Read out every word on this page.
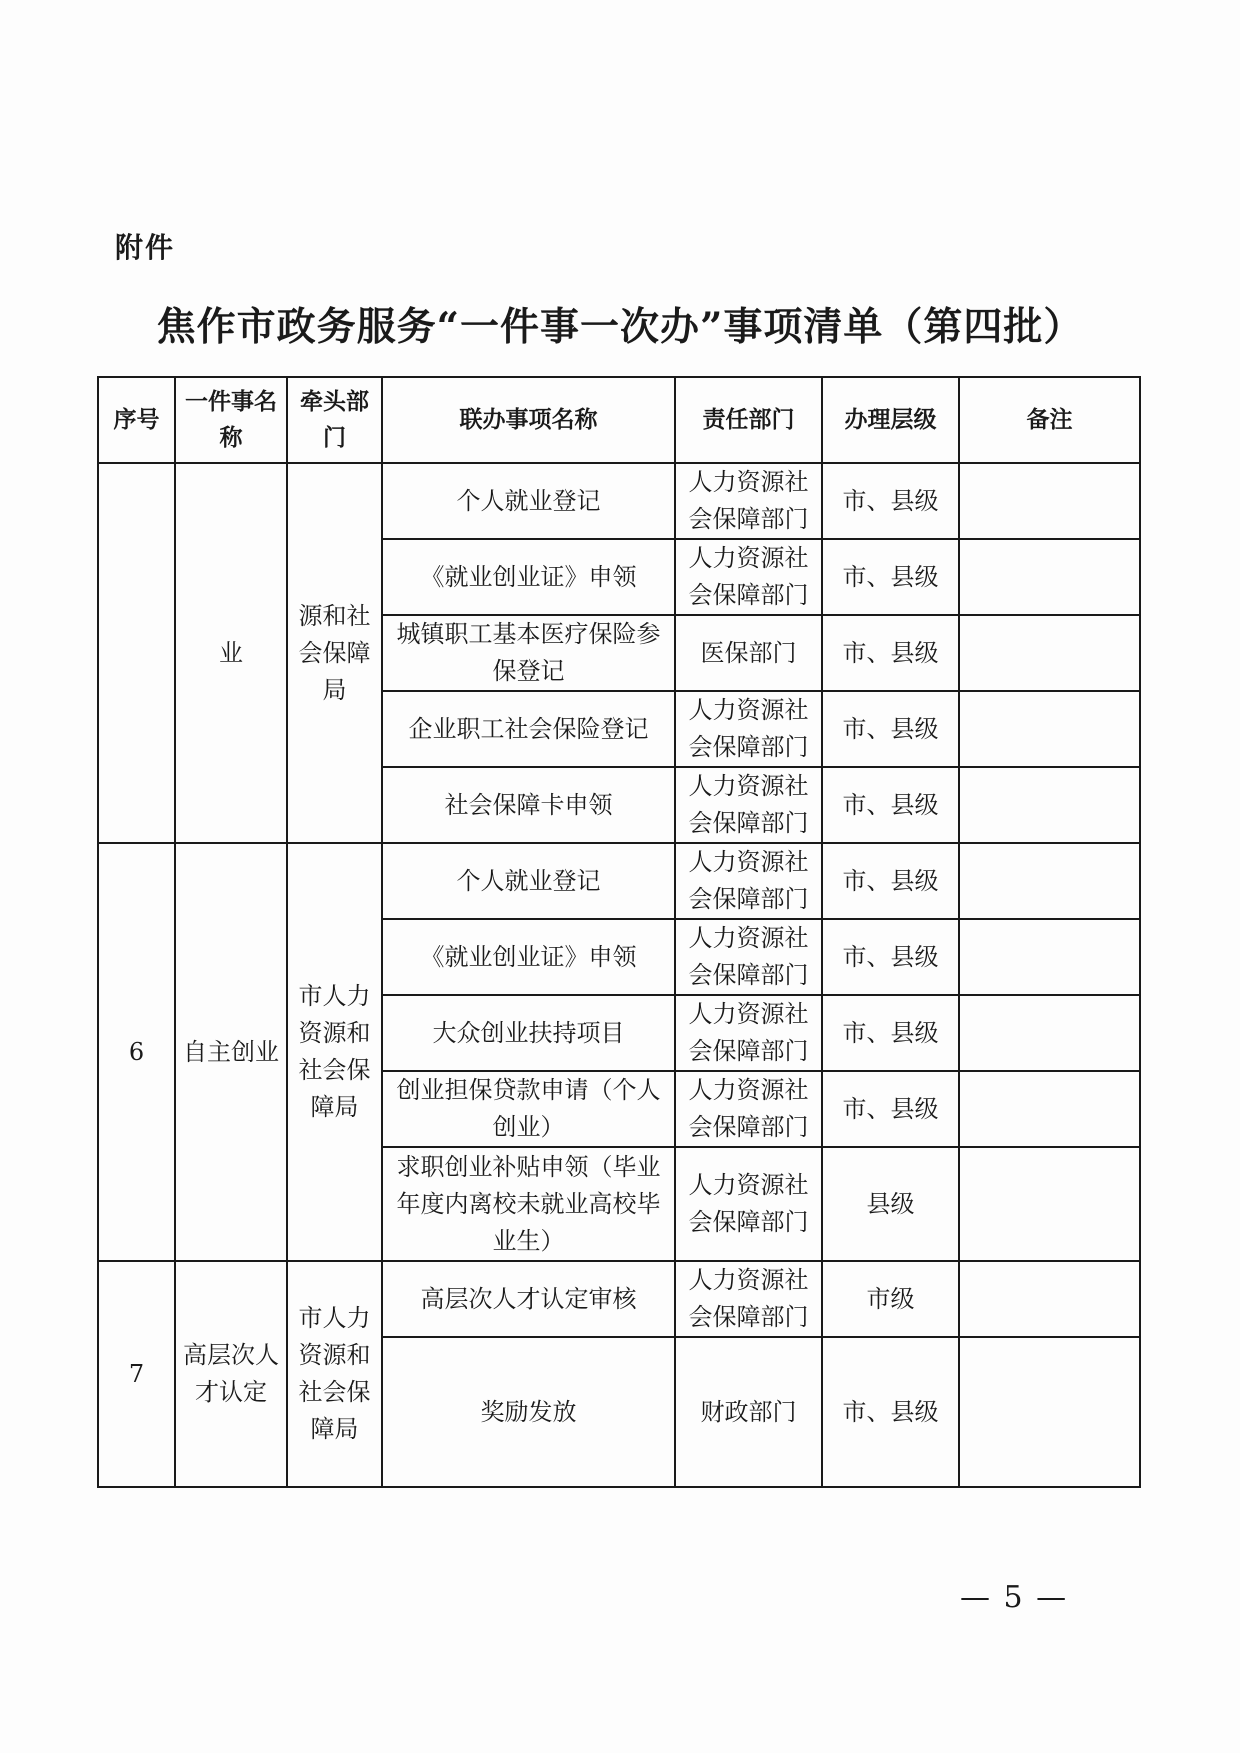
附件
焦作市政务服务“一件事一次办”事项清单（第四批）
序号	一件事名称	牵头部门	联办事项名称	责任部门	办理层级	备注
	业	源和社会保障局	个人就业登记	人力资源社会保障部门	市、县级	
			《就业创业证》申领	人力资源社会保障部门	市、县级	
			城镇职工基本医疗保险参保登记	医保部门	市、县级	
			企业职工社会保险登记	人力资源社会保障部门	市、县级	
			社会保障卡申领	人力资源社会保障部门	市、县级	
6	自主创业	市人力资源和社会保障局	个人就业登记	人力资源社会保障部门	市、县级	
			《就业创业证》申领	人力资源社会保障部门	市、县级	
			大众创业扶持项目	人力资源社会保障部门	市、县级	
			创业担保贷款申请（个人创业）	人力资源社会保障部门	市、县级	
			求职创业补贴申领（毕业年度内离校未就业高校毕业生）	人力资源社会保障部门	县级	
7	高层次人才认定	市人力资源和社会保障局	高层次人才认定审核	人力资源社会保障部门	市级	
			奖励发放	财政部门	市、县级	
— 5 —
